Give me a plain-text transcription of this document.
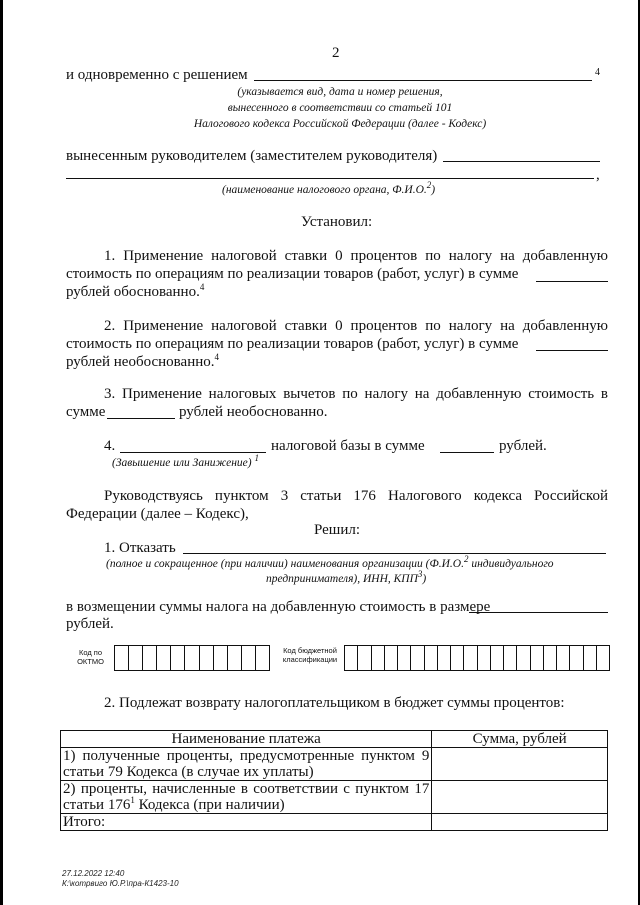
2
и одновременно с решением	4
(указывается вид, дата и номер решения,
вынесенного в соответствии со статьей 101
Налогового кодекса Российской Федерации (далее - Кодекс)
вынесенным руководителем (заместителем руководителя)
,
(наименование налогового органа, Ф.И.О.$^2$)
Установил:
1. Применение налоговой ставки 0 процентов по налогу на добавленную
стоимость по операциям по реализации товаров (работ, услуг) в сумме
рублей обоснованно.$^4$
2. Применение налоговой ставки 0 процентов по налогу на добавленную
стоимость по операциям по реализации товаров (работ, услуг) в сумме
рублей необоснованно.$^4$
3. Применение налоговых вычетов по налогу на добавленную стоимость в
сумме	рублей необоснованно.
4.	налоговой базы в сумме	рублей.
(Завышение или Занижение) $^1$
Руководствуясь пунктом 3 статьи 176 Налогового кодекса Российской
Федерации (далее – Кодекс),
Решил:
1. Отказать
(полное и сокращенное (при наличии) наименования организации (Ф.И.О.$^2$ индивидуального
предпринимателя), ИНН, КПП$^3$)
в возмещении суммы налога на добавленную стоимость в размере
рублей.
Код по
ОКТМО
Код бюджетной
классификации
2. Подлежат возврату налогоплательщиком в бюджет суммы процентов:
Наименование платежа	Сумма, рублей

1) полученные проценты, предусмотренные пунктом 9
статьи 79 Кодекса (в случае их уплаты)	

2) проценты, начисленные в соответствии с пунктом 17
статьи $176^1$ Кодекса (при наличии)	

Итого:	
27.12.2022 12:40
К:\котрвиго Ю.Р.\пра-К1423-10
